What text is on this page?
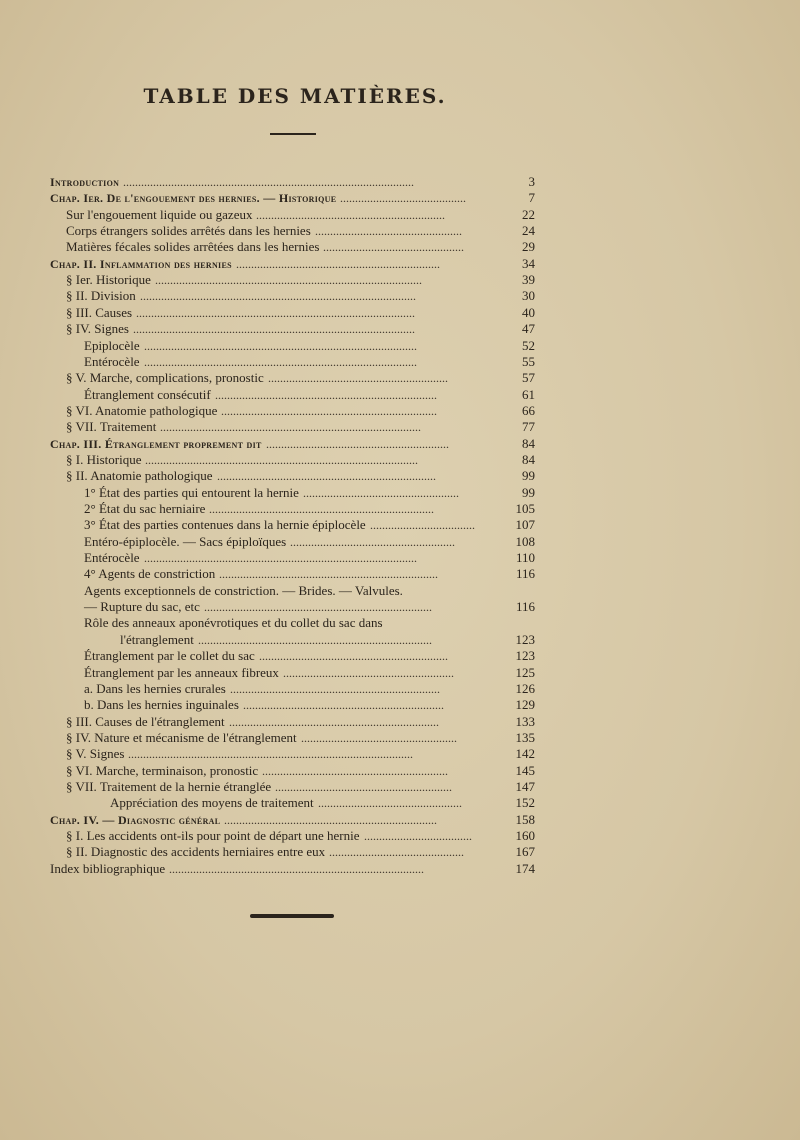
TABLE DES MATIÈRES.
Introduction .................................................................................................	3
Chap. Ier. De l'engouement des hernies. — Historique ..........................................	7
Sur l'engouement liquide ou gazeux ...............................................................	22
Corps étrangers solides arrêtés dans les hernies .................................................	24
Matières fécales solides arrêtées dans les hernies ...............................................	29
Chap. II. Inflammation des hernies ....................................................................	34
§ Ier. Historique .........................................................................................	39
§ II. Division ............................................................................................	30
§ III. Causes .............................................................................................	40
§ IV. Signes ..............................................................................................	47
Epiplocèle ...........................................................................................	52
Entérocèle ...........................................................................................	55
§ V. Marche, complications, pronostic ............................................................	57
Étranglement consécutif ..........................................................................	61
§ VI. Anatomie pathologique ........................................................................	66
§ VII. Traitement .......................................................................................	77
Chap. III. Étranglement proprement dit .............................................................	84
§ I. Historique ...........................................................................................	84
§ II. Anatomie pathologique .........................................................................	99
1° État des parties qui entourent la hernie ....................................................	99
2° État du sac herniaire ...........................................................................	105
3° État des parties contenues dans la hernie épiplocèle ...................................	107
Entéro-épiplocèle. — Sacs épiploïques .......................................................	108
Entérocèle ...........................................................................................	110
4° Agents de constriction .........................................................................	116
Agents exceptionnels de constriction. — Brides. — Valvules.
— Rupture du sac, etc ............................................................................	116
Rôle des anneaux aponévrotiques et du collet du sac dans
l'étranglement ..............................................................................	123
Étranglement par le collet du sac ...............................................................	123
Étranglement par les anneaux fibreux .........................................................	125
a. Dans les hernies crurales ......................................................................	126
b. Dans les hernies inguinales ...................................................................	129
§ III. Causes de l'étranglement ......................................................................	133
§ IV. Nature et mécanisme de l'étranglement ....................................................	135
§ V. Signes ...............................................................................................	142
§ VI. Marche, terminaison, pronostic ..............................................................	145
§ VII. Traitement de la hernie étranglée ...........................................................	147
Appréciation des moyens de traitement ................................................	152
Chap. IV. — Diagnostic général .......................................................................	158
§ I. Les accidents ont-ils pour point de départ une hernie ....................................	160
§ II. Diagnostic des accidents herniaires entre eux .............................................	167
Index bibliographique .....................................................................................	174
